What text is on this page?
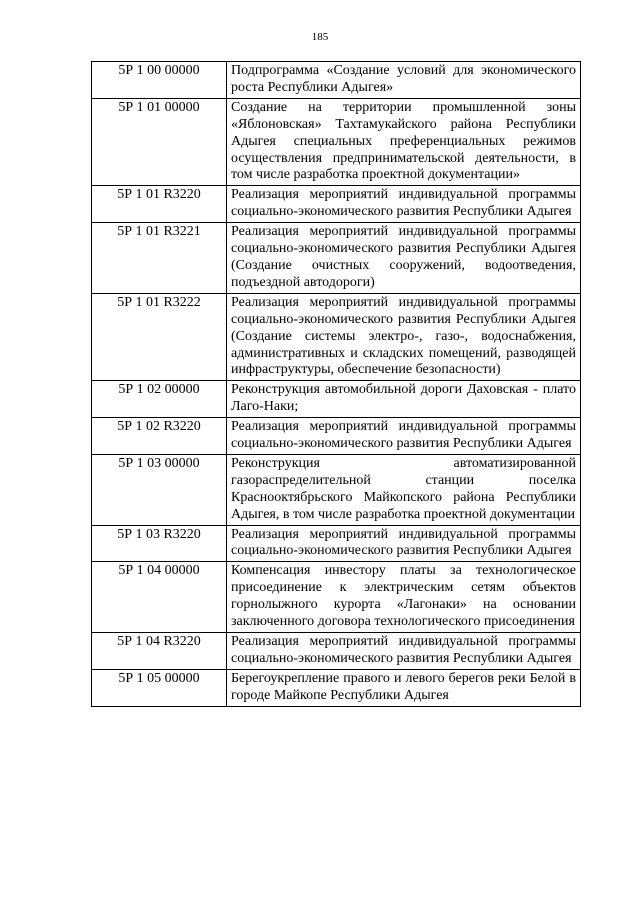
185
5Р 1 00 00000	Подпрограмма «Создание условий для экономического роста Республики Адыгея»
5Р 1 01 00000	Создание на территории промышленной зоны «Яблоновская» Тахтамукайского района Республики Адыгея специальных преференциальных режимов осуществления предпринимательской деятельности, в том числе разработка проектной документации»
5Р 1 01 R3220	Реализация мероприятий индивидуальной программы социально-экономического развития Республики Адыгея
5Р 1 01 R3221	Реализация мероприятий индивидуальной программы социально-экономического развития Республики Адыгея (Создание очистных сооружений, водоотведения, подъездной автодороги)
5Р 1 01 R3222	Реализация мероприятий индивидуальной программы социально-экономического развития Республики Адыгея (Создание системы электро-, газо-, водоснабжения, административных и складских помещений, разводящей инфраструктуры, обеспечение безопасности)
5Р 1 02 00000	Реконструкция автомобильной дороги Даховская - плато Лаго-Наки;
5Р 1 02 R3220	Реализация мероприятий индивидуальной программы социально-экономического развития Республики Адыгея
5Р 1 03 00000	Реконструкция автоматизированной газораспределительной станции поселка Краснооктябрьского Майкопского района Республики Адыгея, в том числе разработка проектной документации
5Р 1 03 R3220	Реализация мероприятий индивидуальной программы социально-экономического развития Республики Адыгея
5Р 1 04 00000	Компенсация инвестору платы за технологическое присоединение к электрическим сетям объектов горнолыжного курорта «Лагонаки» на основании заключенного договора технологического присоединения
5Р 1 04 R3220	Реализация мероприятий индивидуальной программы социально-экономического развития Республики Адыгея
5Р 1 05 00000	Берегоукрепление правого и левого берегов реки Белой в городе Майкопе Республики Адыгея
